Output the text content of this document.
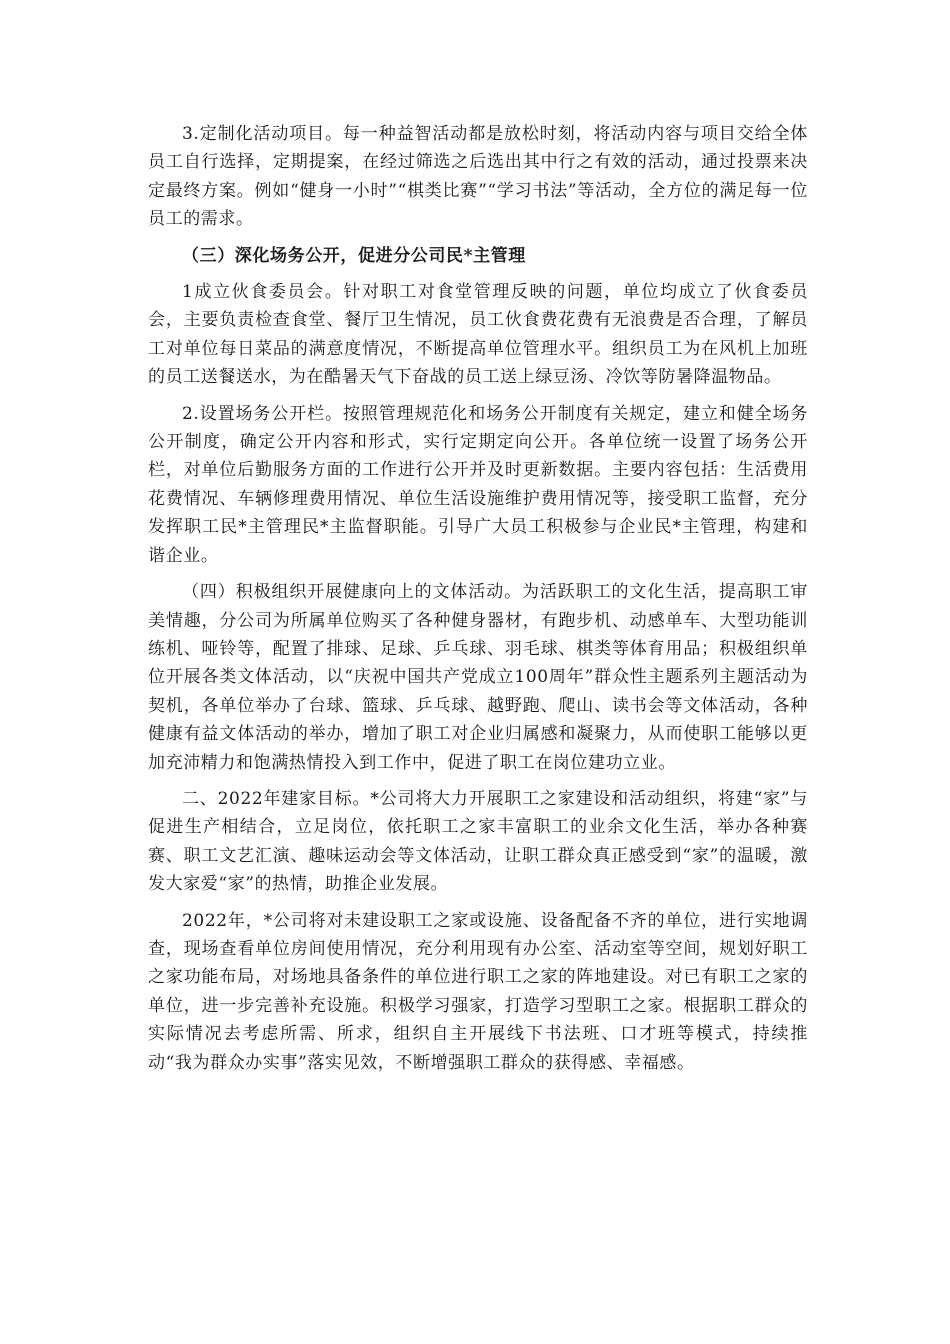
3.定制化活动项目。每一种益智活动都是放松时刻，将活动内容与项目交给全体员工自行选择，定期提案，在经过筛选之后选出其中行之有效的活动，通过投票来决定最终方案。例如“健身一小时”“棋类比赛”“学习书法”等活动，全方位的满足每一位员工的需求。

（三）深化场务公开，促进分公司民*主管理

1成立伙食委员会。针对职工对食堂管理反映的问题，单位均成立了伙食委员会，主要负责检查食堂、餐厅卫生情况，员工伙食费花费有无浪费是否合理，了解员工对单位每日菜品的满意度情况，不断提高单位管理水平。组织员工为在风机上加班的员工送餐送水，为在酷暑天气下奋战的员工送上绿豆汤、冷饮等防暑降温物品。

2.设置场务公开栏。按照管理规范化和场务公开制度有关规定，建立和健全场务公开制度，确定公开内容和形式，实行定期定向公开。各单位统一设置了场务公开栏，对单位后勤服务方面的工作进行公开并及时更新数据。主要内容包括：生活费用花费情况、车辆修理费用情况、单位生活设施维护费用情况等，接受职工监督，充分发挥职工民*主管理民*主监督职能。引导广大员工积极参与企业民*主管理，构建和谐企业。

（四）积极组织开展健康向上的文体活动。为活跃职工的文化生活，提高职工审美情趣，分公司为所属单位购买了各种健身器材，有跑步机、动感单车、大型功能训练机、哑铃等，配置了排球、足球、乒乓球、羽毛球、棋类等体育用品；积极组织单位开展各类文体活动，以“庆祝中国共产党成立100周年”群众性主题系列主题活动为契机，各单位举办了台球、篮球、乒乓球、越野跑、爬山、读书会等文体活动，各种健康有益文体活动的举办，增加了职工对企业归属感和凝聚力，从而使职工能够以更加充沛精力和饱满热情投入到工作中，促进了职工在岗位建功立业。

二、2022年建家目标。*公司将大力开展职工之家建设和活动组织，将建“家”与促进生产相结合，立足岗位，依托职工之家丰富职工的业余文化生活，举办各种赛赛、职工文艺汇演、趣味运动会等文体活动，让职工群众真正感受到“家”的温暖，激发大家爱“家”的热情，助推企业发展。

2022年，*公司将对未建设职工之家或设施、设备配备不齐的单位，进行实地调查，现场查看单位房间使用情况，充分利用现有办公室、活动室等空间，规划好职工之家功能布局，对场地具备条件的单位进行职工之家的阵地建设。对已有职工之家的单位，进一步完善补充设施。积极学习强家，打造学习型职工之家。根据职工群众的实际情况去考虑所需、所求，组织自主开展线下书法班、口才班等模式，持续推动“我为群众办实事”落实见效，不断增强职工群众的获得感、幸福感。
